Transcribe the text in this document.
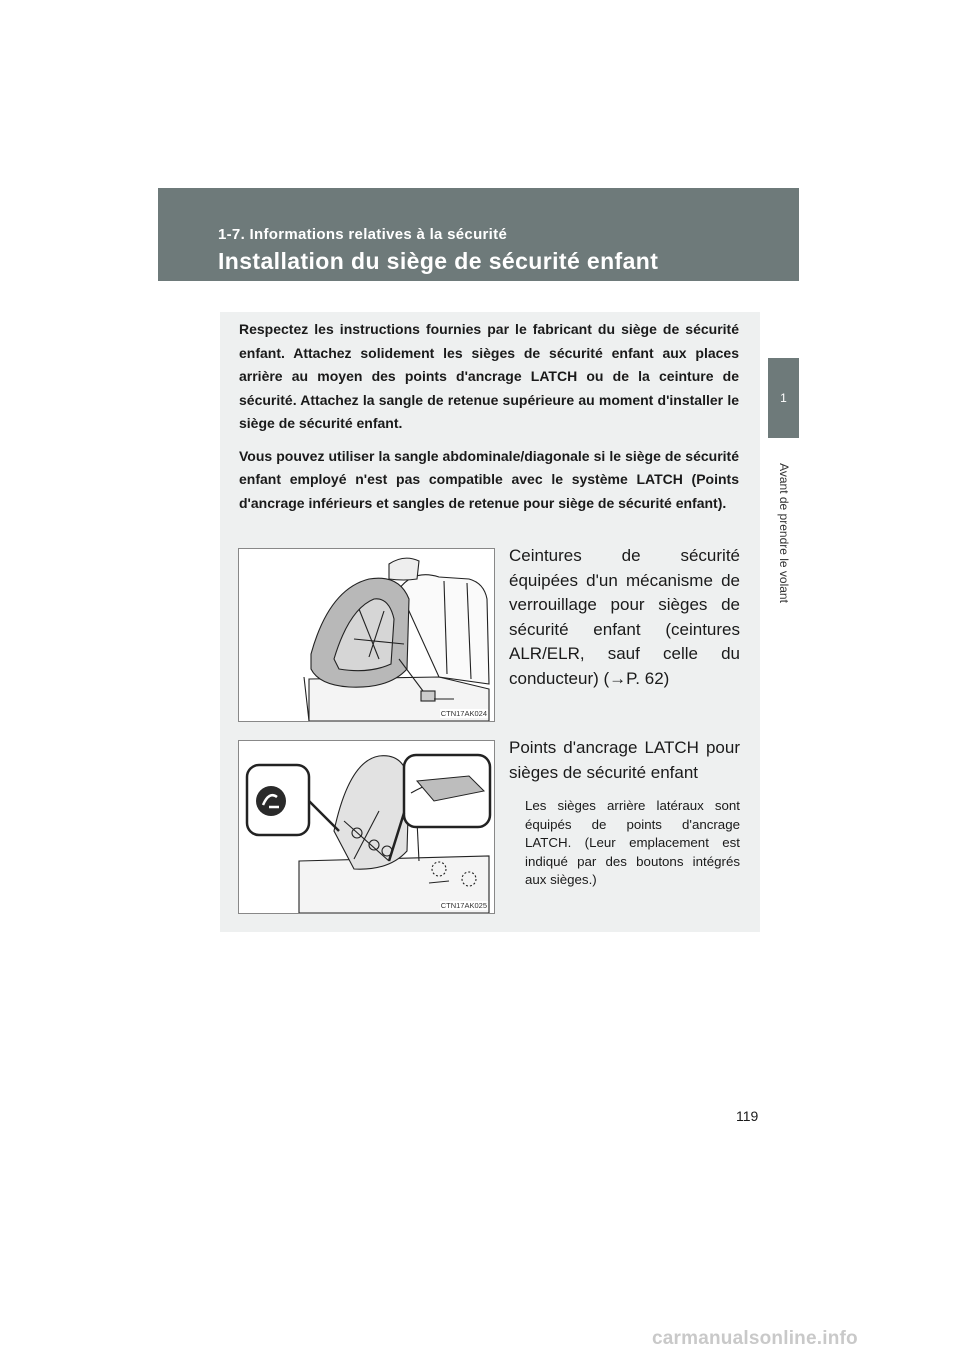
1-7. Informations relatives à la sécurité
Installation du siège de sécurité enfant
1
Avant de prendre le volant

Respectez les instructions fournies par le fabricant du siège de sécurité enfant. Attachez solidement les sièges de sécurité enfant aux places arrière au moyen des points d'ancrage LATCH ou de la ceinture de sécurité. Attachez la sangle de retenue supérieure au moment d'installer le siège de sécurité enfant.

Vous pouvez utiliser la sangle abdominale/diagonale si le siège de sécurité enfant employé n'est pas compatible avec le système LATCH (Points d'ancrage inférieurs et sangles de retenue pour siège de sécurité enfant).

CTN17AK024
Ceintures de sécurité équipées d'un mécanisme de verrouillage pour sièges de sécurité enfant (ceintures ALR/ELR, sauf celle du conducteur) (→P. 62)
CTN17AK025
Points d'ancrage LATCH pour sièges de sécurité enfant
Les sièges arrière latéraux sont équipés de points d'ancrage LATCH. (Leur emplacement est indiqué par des boutons intégrés aux sièges.)
119
carmanualsonline.info
